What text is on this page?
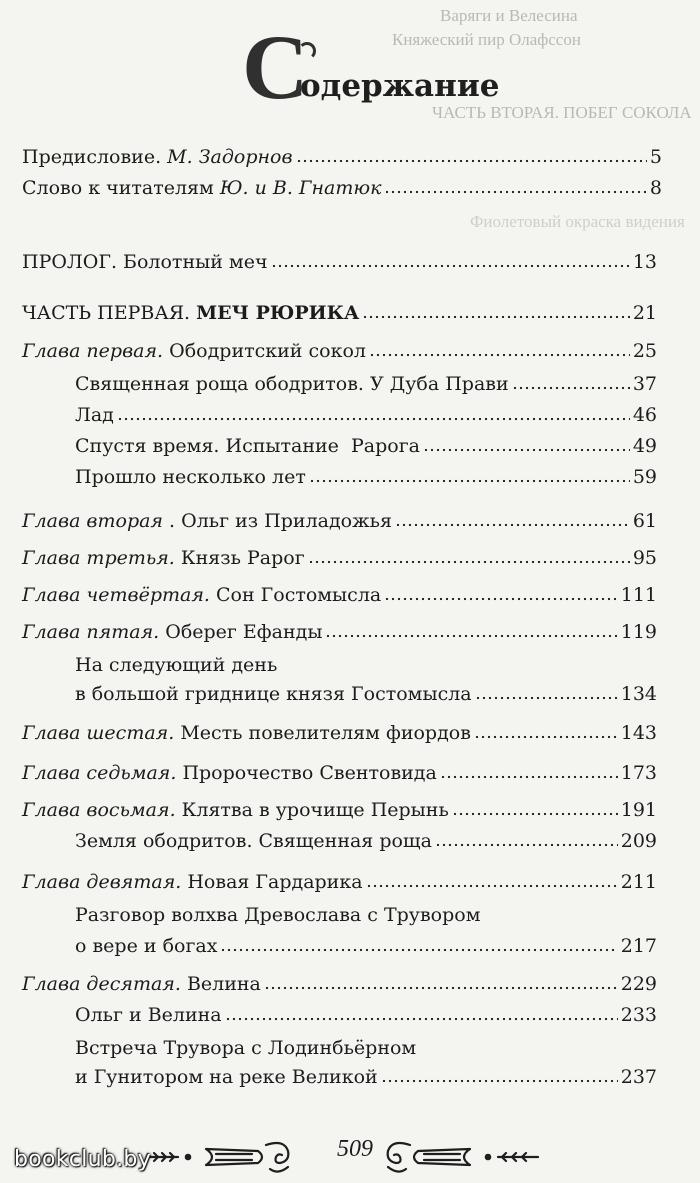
Варяги и Велесина
Княжеский пир Олафссон
ЧАСТЬ ВТОРАЯ. ПОБЕГ СОКОЛА
Фиолетовый окраска видения
С
одержание
Предисловие. М. Задорнов	5
Слово к читателям Ю. и В. Гнатюк	8
ПРОЛОГ. Болотный меч	13
ЧАСТЬ ПЕРВАЯ. МЕЧ РЮРИКА	21
Глава первая. Ободритский сокол	25
Священная роща ободритов. У Дуба Прави	37
Лад	46
Спустя время. Испытание  Рарога	49
Прошло несколько лет	59
Глава вторая . Ольг из Приладожья	61
Глава третья. Князь Рарог	95
Глава четвёртая. Сон Гостомысла	111
Глава пятая. Оберег Ефанды	119
На следующий день
в большой гриднице князя Гостомысла	134
Глава шестая. Месть повелителям фиордов	143
Глава седьмая. Пророчество Свентовида	173
Глава восьмая. Клятва в урочище Перынь	191
Земля ободритов. Священная роща	209
Глава девятая. Новая Гардарика	211
Разговор волхва Древослава с Трувором
о вере и богах	217
Глава десятая. Велина	229
Ольг и Велина	233
Встреча Трувора с Лодинбьёрном
и Гунитором на реке Великой	237
509
bookclub.by
